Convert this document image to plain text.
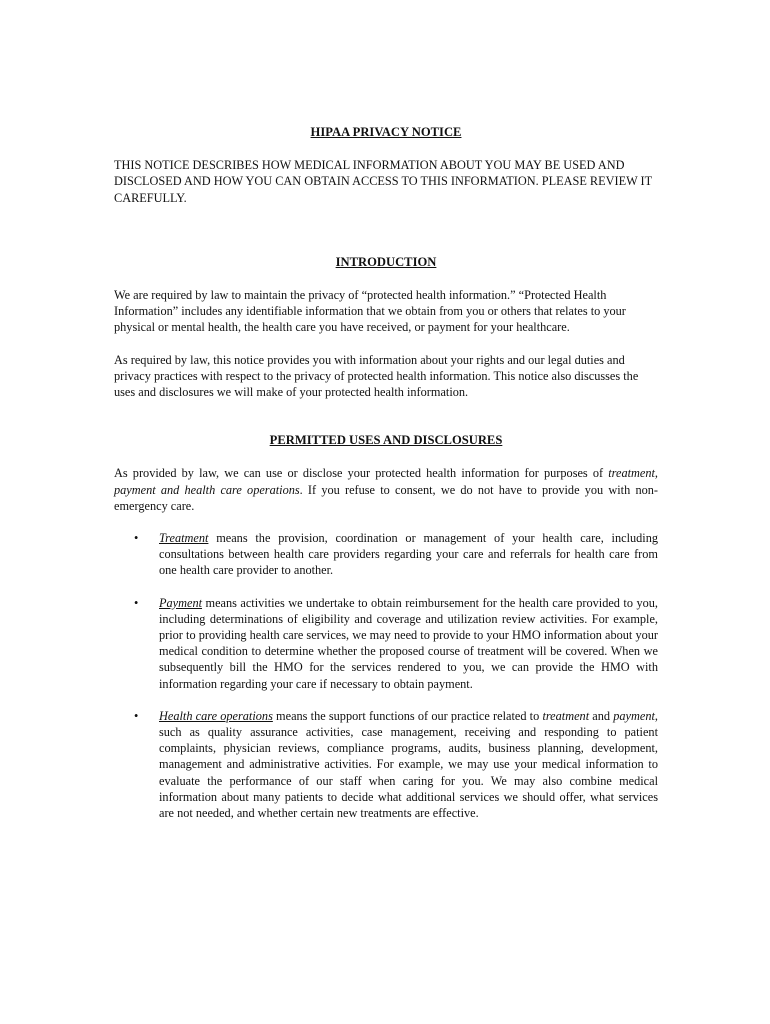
HIPAA PRIVACY NOTICE

THIS NOTICE DESCRIBES HOW MEDICAL INFORMATION ABOUT YOU MAY BE USED AND DISCLOSED AND HOW YOU CAN OBTAIN ACCESS TO THIS INFORMATION. PLEASE REVIEW IT CAREFULLY.

INTRODUCTION

We are required by law to maintain the privacy of “protected health information.” “Protected Health Information” includes any identifiable information that we obtain from you or others that relates to your physical or mental health, the health care you have received, or payment for your healthcare.

As required by law, this notice provides you with information about your rights and our legal duties and privacy practices with respect to the privacy of protected health information. This notice also discusses the uses and disclosures we will make of your protected health information.

PERMITTED USES AND DISCLOSURES

As provided by law, we can use or disclose your protected health information for purposes of treatment, payment and health care operations. If you refuse to consent, we do not have to provide you with non-emergency care.

• Treatment means the provision, coordination or management of your health care, including consultations between health care providers regarding your care and referrals for health care from one health care provider to another.
• Payment means activities we undertake to obtain reimbursement for the health care provided to you, including determinations of eligibility and coverage and utilization review activities. For example, prior to providing health care services, we may need to provide to your HMO information about your medical condition to determine whether the proposed course of treatment will be covered. When we subsequently bill the HMO for the services rendered to you, we can provide the HMO with information regarding your care if necessary to obtain payment.
• Health care operations means the support functions of our practice related to treatment and payment, such as quality assurance activities, case management, receiving and responding to patient complaints, physician reviews, compliance programs, audits, business planning, development, management and administrative activities. For example, we may use your medical information to evaluate the performance of our staff when caring for you. We may also combine medical information about many patients to decide what additional services we should offer, what services are not needed, and whether certain new treatments are effective.
